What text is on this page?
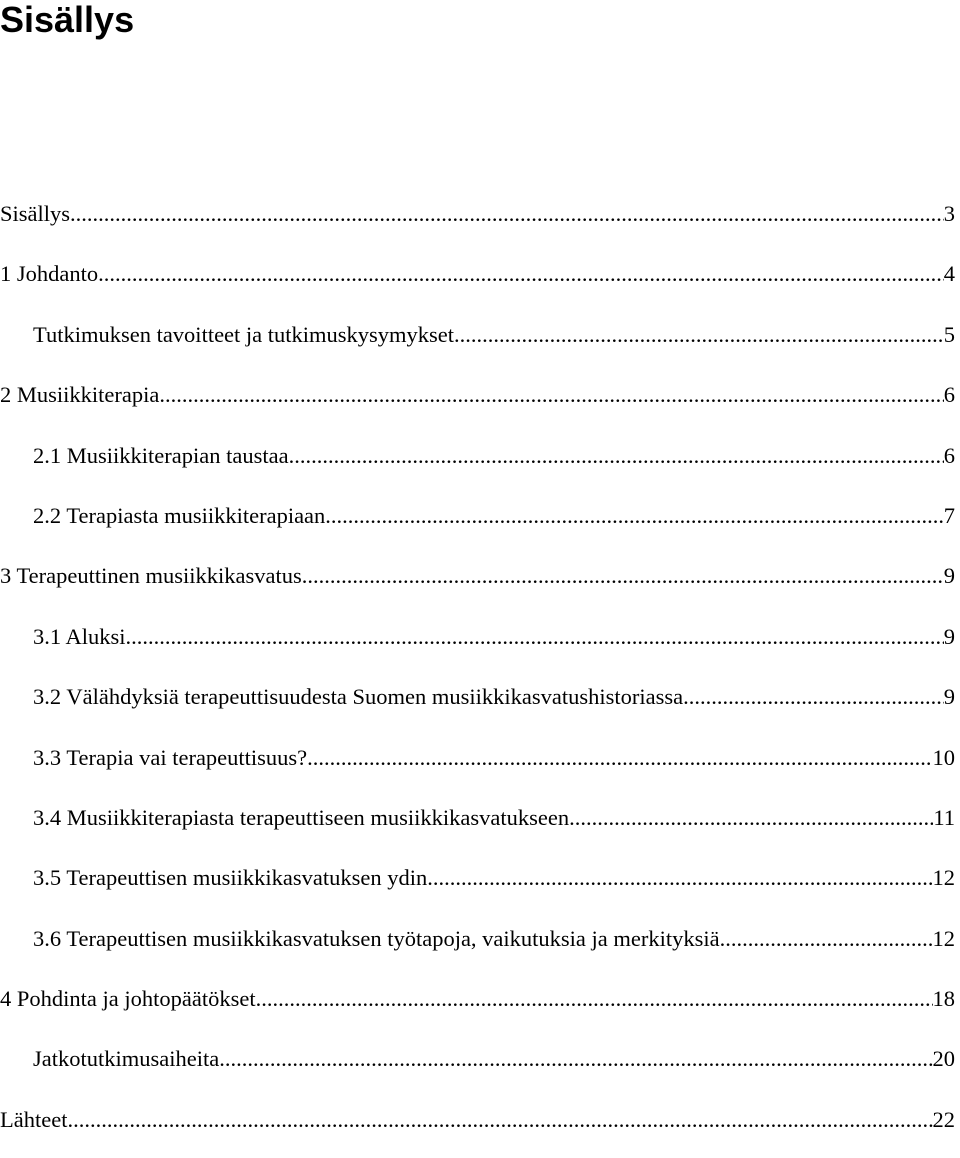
Sisällys
Sisällys .....	3
1 Johdanto .....	4
Tutkimuksen tavoitteet ja tutkimuskysymykset .....	5
2 Musiikkiterapia .....	6
2.1 Musiikkiterapian taustaa .....	6
2.2 Terapiasta musiikkiterapiaan .....	7
3 Terapeuttinen musiikkikasvatus .....	9
3.1 Aluksi .....	9
3.2 Välähdyksiä terapeuttisuudesta Suomen musiikkikasvatushistoriassa .....	9
3.3 Terapia vai terapeuttisuus? .....	10
3.4 Musiikkiterapiasta terapeuttiseen musiikkikasvatukseen .....	11
3.5 Terapeuttisen musiikkikasvatuksen ydin .....	12
3.6 Terapeuttisen musiikkikasvatuksen työtapoja, vaikutuksia ja merkityksiä .....	12
4 Pohdinta ja johtopäätökset .....	18
Jatkotutkimusaiheita .....	20
Lähteet .....	22
